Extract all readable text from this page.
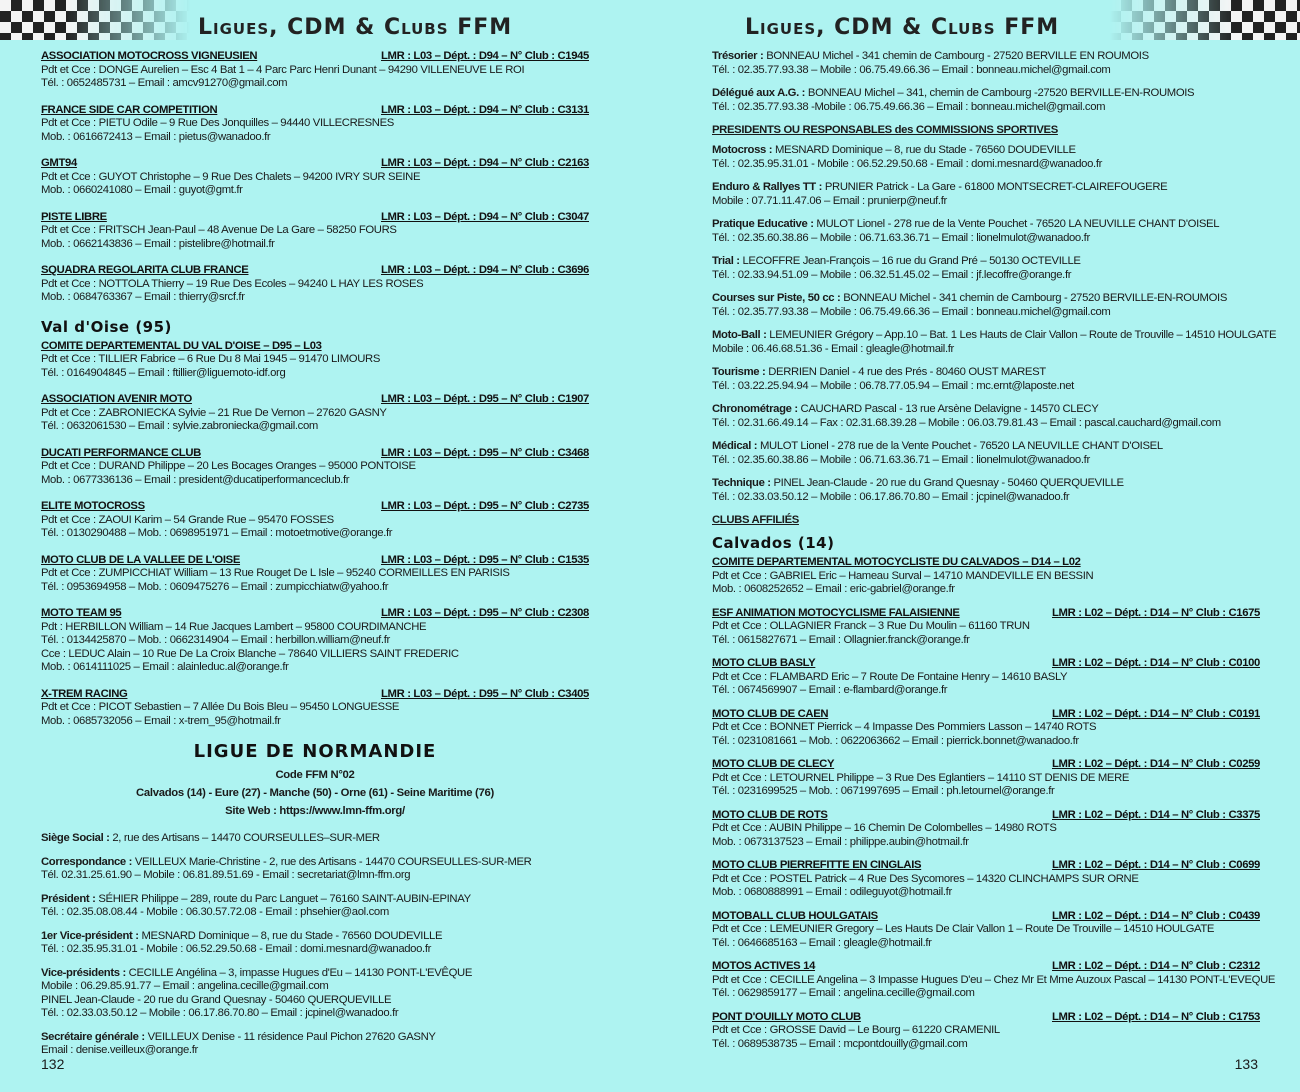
Ligues, CDM & Clubs FFM
ASSOCIATION MOTOCROSS VIGNEUSIEN	LMR : L03 – Dépt. : D94 – N° Club : C1945
Pdt et Cce : DONGE Aurelien – Esc 4 Bat 1 – 4 Parc Parc Henri Dunant – 94290 VILLENEUVE LE ROI
Tél. : 0652485731 – Email : amcv91270@gmail.com
FRANCE SIDE CAR COMPETITION	LMR : L03 – Dépt. : D94 – N° Club : C3131
Pdt et Cce : PIETU Odile – 9 Rue Des Jonquilles – 94440 VILLECRESNES
Mob. : 0616672413 – Email : pietus@wanadoo.fr
GMT94	LMR : L03 – Dépt. : D94 – N° Club : C2163
Pdt et Cce : GUYOT Christophe – 9 Rue Des Chalets – 94200 IVRY SUR SEINE
Mob. : 0660241080 – Email : guyot@gmt.fr
PISTE LIBRE	LMR : L03 – Dépt. : D94 – N° Club : C3047
Pdt et Cce : FRITSCH Jean-Paul – 48 Avenue De La Gare – 58250 FOURS
Mob. : 0662143836 – Email : pistelibre@hotmail.fr
SQUADRA REGOLARITA CLUB FRANCE	LMR : L03 – Dépt. : D94 – N° Club : C3696
Pdt et Cce : NOTTOLA Thierry – 19 Rue Des Ecoles – 94240 L HAY LES ROSES
Mob. : 0684763367 – Email : thierry@srcf.fr
Val d'Oise (95)
COMITE DEPARTEMENTAL DU VAL D'OISE – D95 – L03
Pdt et Cce : TILLIER Fabrice – 6 Rue Du 8 Mai 1945 – 91470 LIMOURS
Tél. : 0164904845 – Email : ftillier@liguemoto-idf.org
ASSOCIATION AVENIR MOTO	LMR : L03 – Dépt. : D95 – N° Club : C1907
Pdt et Cce : ZABRONIECKA Sylvie – 21 Rue De Vernon – 27620 GASNY
Tél. : 0632061530 – Email : sylvie.zabroniecka@gmail.com
DUCATI PERFORMANCE CLUB	LMR : L03 – Dépt. : D95 – N° Club : C3468
Pdt et Cce : DURAND Philippe – 20 Les Bocages Oranges – 95000 PONTOISE
Mob. : 0677336136 – Email : president@ducatiperformanceclub.fr
ELITE MOTOCROSS	LMR : L03 – Dépt. : D95 – N° Club : C2735
Pdt et Cce : ZAOUI Karim – 54 Grande Rue – 95470 FOSSES
Tél. : 0130290488 – Mob. : 0698951971 – Email : motoetmotive@orange.fr
MOTO CLUB DE LA VALLEE DE L'OISE	LMR : L03 – Dépt. : D95 – N° Club : C1535
Pdt et Cce : ZUMPICCHIAT William – 13 Rue Rouget De L Isle – 95240 CORMEILLES EN PARISIS
Tél. : 0953694958 – Mob. : 0609475276 – Email : zumpicchiatw@yahoo.fr
MOTO TEAM 95	LMR : L03 – Dépt. : D95 – N° Club : C2308
Pdt : HERBILLON William – 14 Rue Jacques Lambert – 95800 COURDIMANCHE
Tél. : 0134425870 – Mob. : 0662314904 – Email : herbillon.william@neuf.fr
Cce : LEDUC Alain – 10 Rue De La Croix Blanche – 78640 VILLIERS SAINT FREDERIC
Mob. : 0614111025 – Email : alainleduc.al@orange.fr
X-TREM RACING	LMR : L03 – Dépt. : D95 – N° Club : C3405
Pdt et Cce : PICOT Sebastien – 7 Allée Du Bois Bleu – 95450 LONGUESSE
Mob. : 0685732056 – Email : x-trem_95@hotmail.fr
LIGUE DE NORMANDIE
Code FFM N°02
Calvados (14) - Eure (27) - Manche (50) - Orne (61) - Seine Maritime (76)
Site Web : https://www.lmn-ffm.org/
Siège Social : 2, rue des Artisans – 14470 COURSEULLES–SUR-MER
Correspondance : VEILLEUX Marie-Christine - 2, rue des Artisans - 14470 COURSEULLES-SUR-MER
Tél. 02.31.25.61.90 – Mobile : 06.81.89.51.69 - Email : secretariat@lmn-ffm.org
Président : SÉHIER Philippe – 289, route du Parc Languet – 76160 SAINT-AUBIN-EPINAY
Tél. : 02.35.08.08.44 - Mobile : 06.30.57.72.08 - Email : phsehier@aol.com
1er Vice-président : MESNARD Dominique – 8, rue du Stade - 76560 DOUDEVILLE
Tél. : 02.35.95.31.01 - Mobile : 06.52.29.50.68 - Email : domi.mesnard@wanadoo.fr
Vice-présidents : CECILLE Angélina – 3, impasse Hugues d'Eu – 14130 PONT-L'EVÊQUE
Mobile : 06.29.85.91.77 – Email : angelina.cecille@gmail.com
PINEL Jean-Claude - 20 rue du Grand Quesnay - 50460 QUERQUEVILLE
Tél. : 02.33.03.50.12 – Mobile : 06.17.86.70.80 – Email : jcpinel@wanadoo.fr
Secrétaire générale : VEILLEUX Denise - 11 résidence Paul Pichon 27620 GASNY
Email : denise.veilleux@orange.fr
132
Ligues, CDM & Clubs FFM
Trésorier : BONNEAU Michel - 341 chemin de Cambourg - 27520 BERVILLE EN ROUMOIS
Tél. : 02.35.77.93.38 – Mobile : 06.75.49.66.36 – Email : bonneau.michel@gmail.com
Délégué aux A.G. : BONNEAU Michel – 341, chemin de Cambourg -27520 BERVILLE-EN-ROUMOIS
Tél. : 02.35.77.93.38 -Mobile : 06.75.49.66.36 – Email : bonneau.michel@gmail.com
PRESIDENTS OU RESPONSABLES des COMMISSIONS SPORTIVES
Motocross : MESNARD Dominique – 8, rue du Stade - 76560 DOUDEVILLE
Tél. : 02.35.95.31.01 - Mobile : 06.52.29.50.68 - Email : domi.mesnard@wanadoo.fr
Enduro & Rallyes TT : PRUNIER Patrick - La Gare - 61800 MONTSECRET-CLAIREFOUGERE
Mobile : 07.71.11.47.06 – Email : prunierp@neuf.fr
Pratique Educative : MULOT Lionel - 278 rue de la Vente Pouchet - 76520 LA NEUVILLE CHANT D'OISEL
Tél. : 02.35.60.38.86 – Mobile : 06.71.63.36.71 – Email : lionelmulot@wanadoo.fr
Trial : LECOFFRE Jean-François – 16 rue du Grand Pré – 50130 OCTEVILLE
Tél. : 02.33.94.51.09 – Mobile : 06.32.51.45.02 – Email : jf.lecoffre@orange.fr
Courses sur Piste, 50 cc : BONNEAU Michel - 341 chemin de Cambourg - 27520 BERVILLE-EN-ROUMOIS
Tél. : 02.35.77.93.38 – Mobile : 06.75.49.66.36 – Email : bonneau.michel@gmail.com
Moto-Ball : LEMEUNIER Grégory – App.10 – Bat. 1 Les Hauts de Clair Vallon – Route de Trouville – 14510 HOULGATE
Mobile : 06.46.68.51.36 - Email : gleagle@hotmail.fr
Tourisme : DERRIEN Daniel - 4 rue des Prés - 80460 OUST MAREST
Tél. : 03.22.25.94.94 – Mobile : 06.78.77.05.94 – Email : mc.ernt@laposte.net
Chronométrage : CAUCHARD Pascal - 13 rue Arsène Delavigne - 14570 CLECY
Tél. : 02.31.66.49.14 – Fax : 02.31.68.39.28 – Mobile : 06.03.79.81.43 – Email : pascal.cauchard@gmail.com
Médical : MULOT Lionel - 278 rue de la Vente Pouchet - 76520 LA NEUVILLE CHANT D'OISEL
Tél. : 02.35.60.38.86 – Mobile : 06.71.63.36.71 – Email : lionelmulot@wanadoo.fr
Technique : PINEL Jean-Claude - 20 rue du Grand Quesnay - 50460 QUERQUEVILLE
Tél. : 02.33.03.50.12 – Mobile : 06.17.86.70.80 – Email : jcpinel@wanadoo.fr
CLUBS AFFILIÉS
Calvados (14)
COMITE DEPARTEMENTAL MOTOCYCLISTE DU CALVADOS – D14 – L02
Pdt et Cce : GABRIEL Eric – Hameau Surval – 14710 MANDEVILLE EN BESSIN
Mob. : 0608252652 – Email : eric-gabriel@orange.fr
ESF ANIMATION MOTOCYCLISME FALAISIENNE	LMR : L02 – Dépt. : D14 – N° Club : C1675
Pdt et Cce : OLLAGNIER Franck – 3 Rue Du Moulin – 61160 TRUN
Tél. : 0615827671 – Email : Ollagnier.franck@orange.fr
MOTO CLUB BASLY	LMR : L02 – Dépt. : D14 – N° Club : C0100
Pdt et Cce : FLAMBARD Eric – 7 Route De Fontaine Henry – 14610 BASLY
Tél. : 0674569907 – Email : e-flambard@orange.fr
MOTO CLUB DE CAEN	LMR : L02 – Dépt. : D14 – N° Club : C0191
Pdt et Cce : BONNET Pierrick – 4 Impasse Des Pommiers Lasson – 14740 ROTS
Tél. : 0231081661 – Mob. : 0622063662 – Email : pierrick.bonnet@wanadoo.fr
MOTO CLUB DE CLECY	LMR : L02 – Dépt. : D14 – N° Club : C0259
Pdt et Cce : LETOURNEL Philippe – 3 Rue Des Eglantiers – 14110 ST DENIS DE MERE
Tél. : 0231699525 – Mob. : 0671997695 – Email : ph.letournel@orange.fr
MOTO CLUB DE ROTS	LMR : L02 – Dépt. : D14 – N° Club : C3375
Pdt et Cce : AUBIN Philippe – 16 Chemin De Colombelles – 14980 ROTS
Mob. : 0673137523 – Email : philippe.aubin@hotmail.fr
MOTO CLUB PIERREFITTE EN CINGLAIS	LMR : L02 – Dépt. : D14 – N° Club : C0699
Pdt et Cce : POSTEL Patrick – 4 Rue Des Sycomores – 14320 CLINCHAMPS SUR ORNE
Mob. : 0680888991 – Email : odileguyot@hotmail.fr
MOTOBALL CLUB HOULGATAIS	LMR : L02 – Dépt. : D14 – N° Club : C0439
Pdt et Cce : LEMEUNIER Gregory – Les Hauts De Clair Vallon 1 – Route De Trouville – 14510 HOULGATE
Tél. : 0646685163 – Email : gleagle@hotmail.fr
MOTOS ACTIVES 14	LMR : L02 – Dépt. : D14 – N° Club : C2312
Pdt et Cce : CECILLE Angelina – 3 Impasse Hugues D'eu – Chez Mr Et Mme Auzoux Pascal – 14130 PONT-L'EVEQUE
Tél. : 0629859177 – Email : angelina.cecille@gmail.com
PONT D'OUILLY MOTO CLUB	LMR : L02 – Dépt. : D14 – N° Club : C1753
Pdt et Cce : GROSSE David – Le Bourg – 61220 CRAMENIL
Tél. : 0689538735 – Email : mcpontdouilly@gmail.com
133
